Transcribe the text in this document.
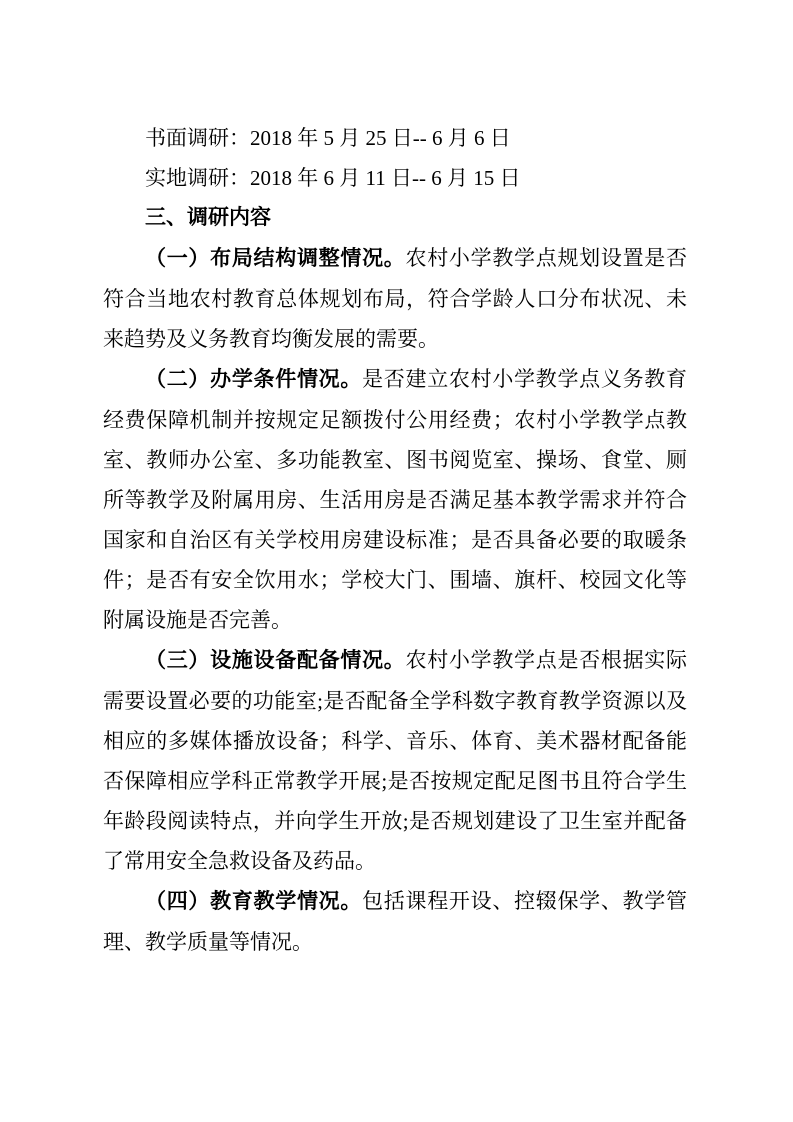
书面调研：2018 年 5 月 25 日-- 6 月 6 日

实地调研：2018 年 6 月 11 日-- 6 月 15 日

三、调研内容

（一）布局结构调整情况。农村小学教学点规划设置是否符合当地农村教育总体规划布局，符合学龄人口分布状况、未来趋势及义务教育均衡发展的需要。

（二）办学条件情况。是否建立农村小学教学点义务教育经费保障机制并按规定足额拨付公用经费；农村小学教学点教室、教师办公室、多功能教室、图书阅览室、操场、食堂、厕所等教学及附属用房、生活用房是否满足基本教学需求并符合国家和自治区有关学校用房建设标准；是否具备必要的取暖条件；是否有安全饮用水；学校大门、围墙、旗杆、校园文化等附属设施是否完善。

（三）设施设备配备情况。农村小学教学点是否根据实际需要设置必要的功能室;是否配备全学科数字教育教学资源以及相应的多媒体播放设备；科学、音乐、体育、美术器材配备能否保障相应学科正常教学开展;是否按规定配足图书且符合学生年龄段阅读特点，并向学生开放;是否规划建设了卫生室并配备了常用安全急救设备及药品。

（四）教育教学情况。包括课程开设、控辍保学、教学管理、教学质量等情况。
